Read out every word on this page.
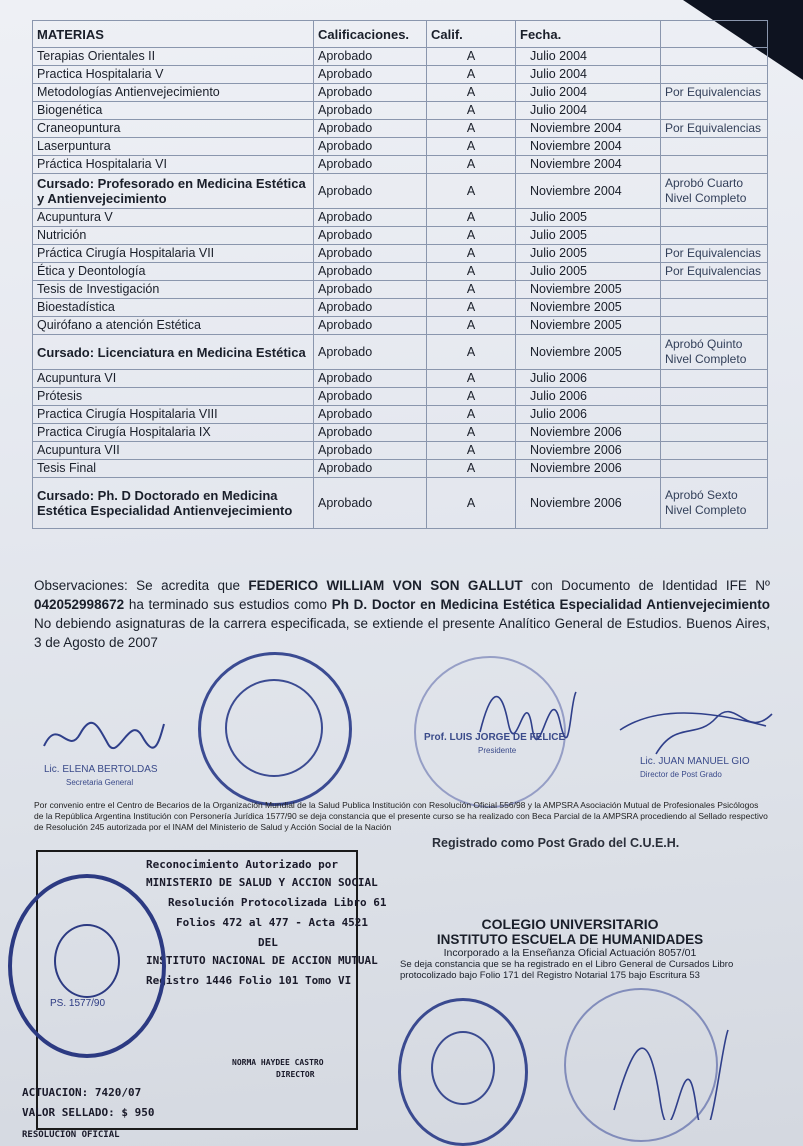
MATERIAS	Calificaciones.	Calif.	Fecha.	
Terapias Orientales II	Aprobado	A	Julio 2004	
Practica Hospitalaria V	Aprobado	A	Julio 2004	
Metodologías Antienvejecimiento	Aprobado	A	Julio 2004	Por Equivalencias
Biogenética	Aprobado	A	Julio 2004	
Craneopuntura	Aprobado	A	Noviembre 2004	Por Equivalencias
Laserpuntura	Aprobado	A	Noviembre 2004	
Práctica Hospitalaria VI	Aprobado	A	Noviembre 2004	
Cursado: Profesorado en Medicina Estética y Antienvejecimiento	Aprobado	A	Noviembre 2004	Aprobó Cuarto Nivel Completo
Acupuntura V	Aprobado	A	Julio 2005	
Nutrición	Aprobado	A	Julio 2005	
Práctica Cirugía Hospitalaria VII	Aprobado	A	Julio 2005	Por Equivalencias
Ética y Deontología	Aprobado	A	Julio 2005	Por Equivalencias
Tesis de Investigación	Aprobado	A	Noviembre 2005	
Bioestadística	Aprobado	A	Noviembre 2005	
Quirófano a atención Estética	Aprobado	A	Noviembre 2005	
Cursado: Licenciatura en Medicina Estética	Aprobado	A	Noviembre 2005	Aprobó Quinto Nivel Completo
Acupuntura VI	Aprobado	A	Julio 2006	
Prótesis	Aprobado	A	Julio 2006	
Practica Cirugía Hospitalaria VIII	Aprobado	A	Julio 2006	
Practica Cirugía Hospitalaria IX	Aprobado	A	Noviembre 2006	
Acupuntura VII	Aprobado	A	Noviembre 2006	
Tesis Final	Aprobado	A	Noviembre 2006	
Cursado: Ph. D Doctorado en Medicina Estética Especialidad Antienvejecimiento	Aprobado	A	Noviembre 2006	Aprobó Sexto Nivel Completo
Observaciones: Se acredita que FEDERICO WILLIAM VON SON GALLUT con Documento de Identidad IFE Nº 042052998672 ha terminado sus estudios como Ph D. Doctor en Medicina Estética Especialidad Antienvejecimiento No debiendo asignaturas de la carrera especificada, se extiende el presente Analítico General de Estudios. Buenos Aires, 3 de Agosto de 2007
Lic. ELENA BERTOLDAS
Secretaria General
Prof. LUIS JORGE DE FELICE
Presidente
Lic. JUAN MANUEL GIO
Director de Post Grado
Por convenio entre el Centro de Becarios de la Organización Mundial de la Salud Publica Institución con Resolución Oficial 556/98 y la AMPSRA Asociación Mutual de Profesionales Psicólogos de la República Argentina Institución con Personería Jurídica 1577/90 se deja constancia que el presente curso se ha realizado con Beca Parcial de la AMPSRA procediendo al Sellado respectivo de Resolución 245 autorizada por el INAM del Ministerio de Salud y Acción Social de la Nación
Registrado como Post Grado del C.U.E.H.
Reconocimiento Autorizado por
MINISTERIO DE SALUD Y ACCION SOCIAL
Resolución Protocolizada Libro 61
Folios 472 al 477 - Acta 4521
DEL
INSTITUTO NACIONAL DE ACCION MUTUAL
Registro 1446 Folio 101 Tomo VI
NORMA HAYDEE CASTRO
DIRECTOR
ACTUACION: 7420/07
VALOR SELLADO: $ 950
RESOLUCION OFICIAL
PS. 1577/90
COLEGIO UNIVERSITARIO
INSTITUTO ESCUELA DE HUMANIDADES
Incorporado a la Enseñanza Oficial Actuación 8057/01
Se deja constancia que se ha registrado en el Libro General de Cursados Libro protocolizado bajo Folio 171 del Registro Notarial 175 bajo Escritura 53
